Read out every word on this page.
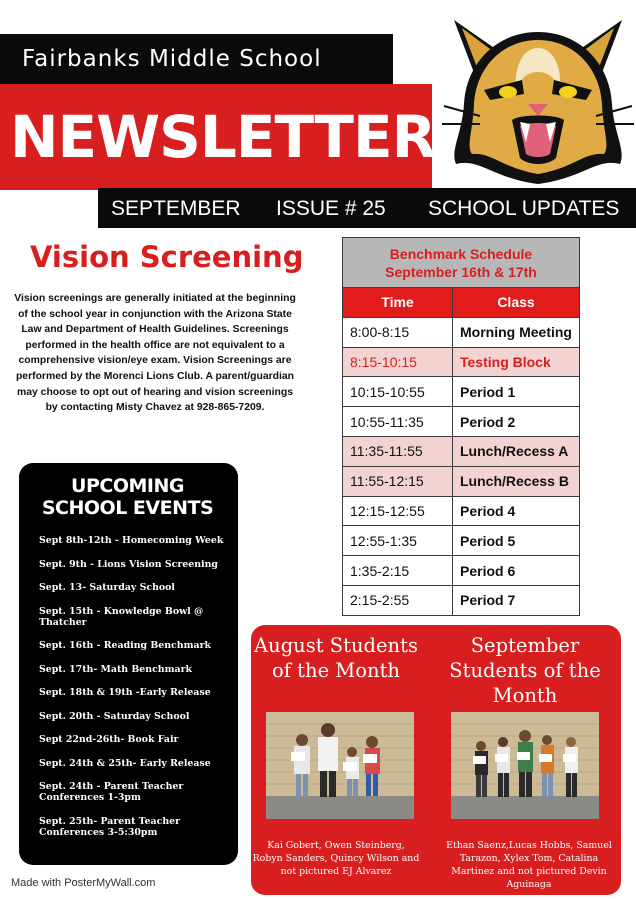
Fairbanks Middle School
NEWSLETTER
SEPTEMBER ISSUE # 25 SCHOOL UPDATES
Vision Screening
Vision screenings are generally initiated at the beginning of the school year in conjunction with the Arizona State Law and Department of Health Guidelines. Screenings performed in the health office are not equivalent to a comprehensive vision/eye exam. Vision Screenings are performed by the Morenci Lions Club. A parent/guardian may choose to opt out of hearing and vision screenings by contacting Misty Chavez at 928-865-7209.
UPCOMING SCHOOL EVENTS
Sept 8th-12th - Homecoming Week
Sept. 9th - Lions Vision Screening
Sept. 13- Saturday School
Sept. 15th - Knowledge Bowl @ Thatcher
Sept. 16th - Reading Benchmark
Sept. 17th- Math Benchmark
Sept. 18th & 19th -Early Release
Sept. 20th - Saturday School
Sept 22nd-26th- Book Fair
Sept. 24th & 25th- Early Release
Sept. 24th - Parent Teacher Conferences 1-3pm
Sept. 25th- Parent Teacher Conferences 3-5:30pm
Benchmark Schedule
September 16th & 17th	

Time	Class
8:00-8:15	Morning Meeting
8:15-10:15	Testing Block
10:15-10:55	Period 1
10:55-11:35	Period 2
11:35-11:55	Lunch/Recess A
11:55-12:15	Lunch/Recess B
12:15-12:55	Period 4
12:55-1:35	Period 5
1:35-2:15	Period 6
2:15-2:55	Period 7
August Students of the Month
September Students of the Month
Kai Gobert, Owen Steinberg, Robyn Sanders, Quincy Wilson and not pictured EJ Alvarez
Ethan Saenz,Lucas Hobbs, Samuel Tarazon, Xylex Tom, Catalina Martinez and not pictured Devin Aguinaga
Made with PosterMyWall.com
